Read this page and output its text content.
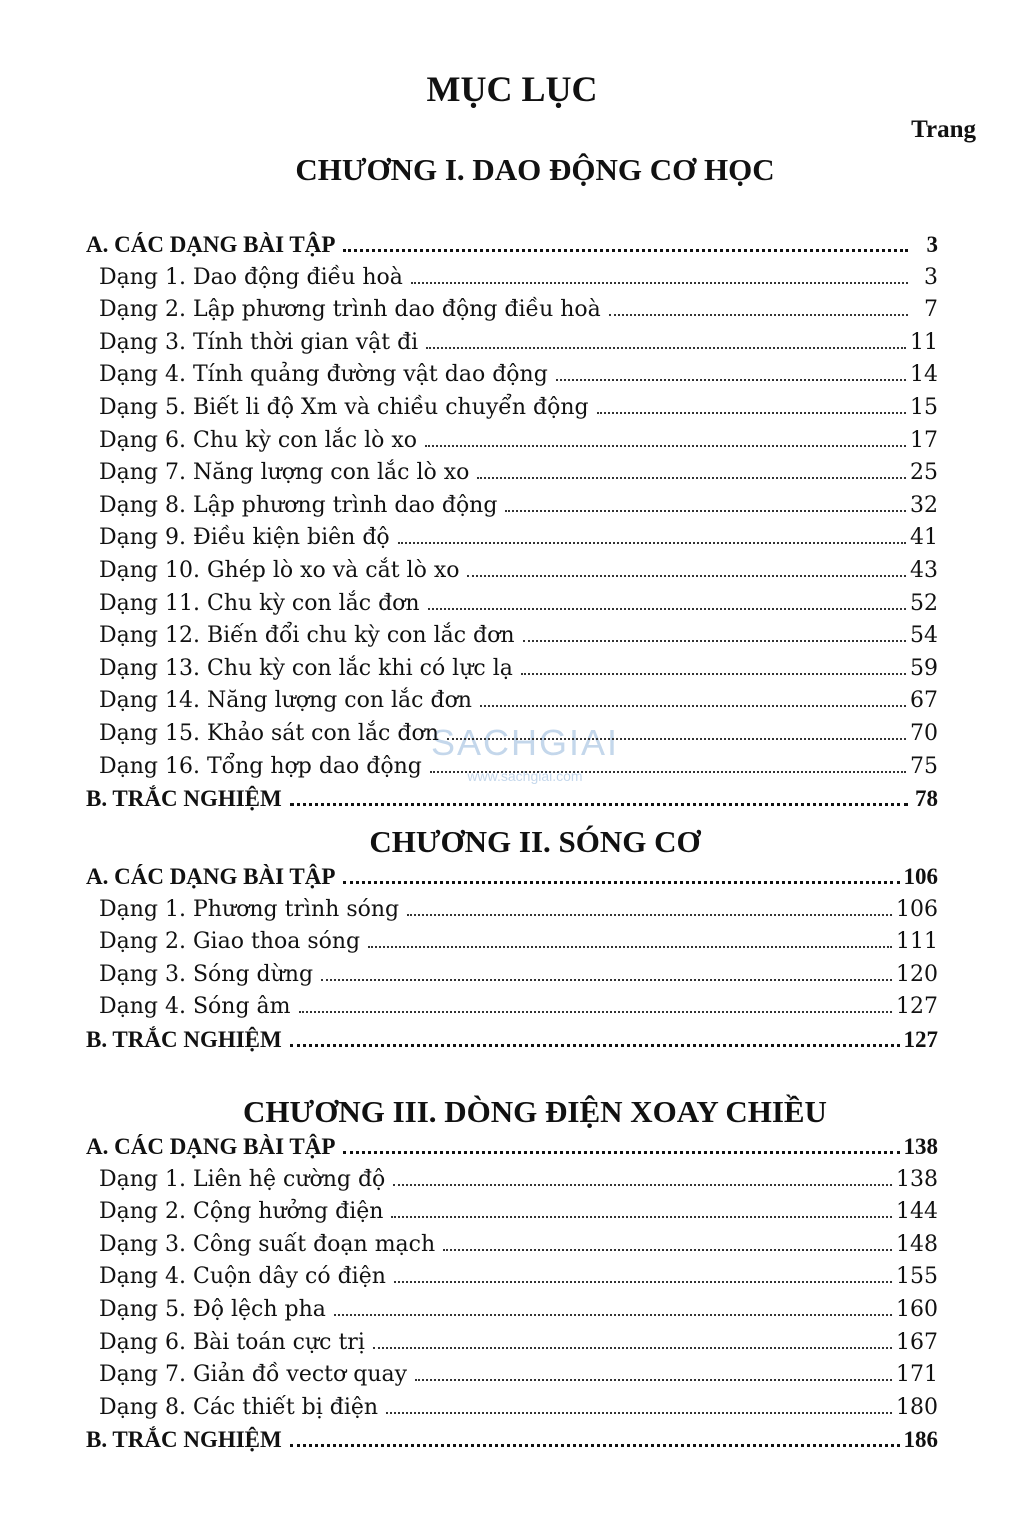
MỤC LỤC
Trang
SACHGIAI
www.sachgiai.com
CHƯƠNG I. DAO ĐỘNG CƠ HỌC
A. CÁC DẠNG BÀI TẬP	3
Dạng 1. Dao động điều hoà	3
Dạng 2. Lập phương trình dao động điều hoà	7
Dạng 3. Tính thời gian vật đi	11
Dạng 4. Tính quảng đường vật dao động	14
Dạng 5. Biết li độ Xm và chiều chuyển động	15
Dạng 6. Chu kỳ con lắc lò xo	17
Dạng 7. Năng lượng con lắc lò xo	25
Dạng 8. Lập phương trình dao động	32
Dạng 9. Điều kiện biên độ	41
Dạng 10. Ghép lò xo và cắt lò xo	43
Dạng 11. Chu kỳ con lắc đơn	52
Dạng 12. Biến đổi chu kỳ con lắc đơn	54
Dạng 13. Chu kỳ con lắc khi có lực lạ	59
Dạng 14. Năng lượng con lắc đơn	67
Dạng 15. Khảo sát con lắc đơn	70
Dạng 16. Tổng hợp dao động	75
B. TRẮC NGHIỆM	78
CHƯƠNG II. SÓNG CƠ
A. CÁC DẠNG BÀI TẬP	106
Dạng 1. Phương trình sóng	106
Dạng 2. Giao thoa sóng	111
Dạng 3. Sóng dừng	120
Dạng 4. Sóng âm	127
B. TRẮC NGHIỆM	127
CHƯƠNG III. DÒNG ĐIỆN XOAY CHIỀU
A. CÁC DẠNG BÀI TẬP	138
Dạng 1. Liên hệ cường độ	138
Dạng 2. Cộng hưởng điện	144
Dạng 3. Công suất đoạn mạch	148
Dạng 4. Cuộn dây có điện	155
Dạng 5. Độ lệch pha	160
Dạng 6. Bài toán cực trị	167
Dạng 7. Giản đồ vectơ quay	171
Dạng 8. Các thiết bị điện	180
B. TRẮC NGHIỆM	186
